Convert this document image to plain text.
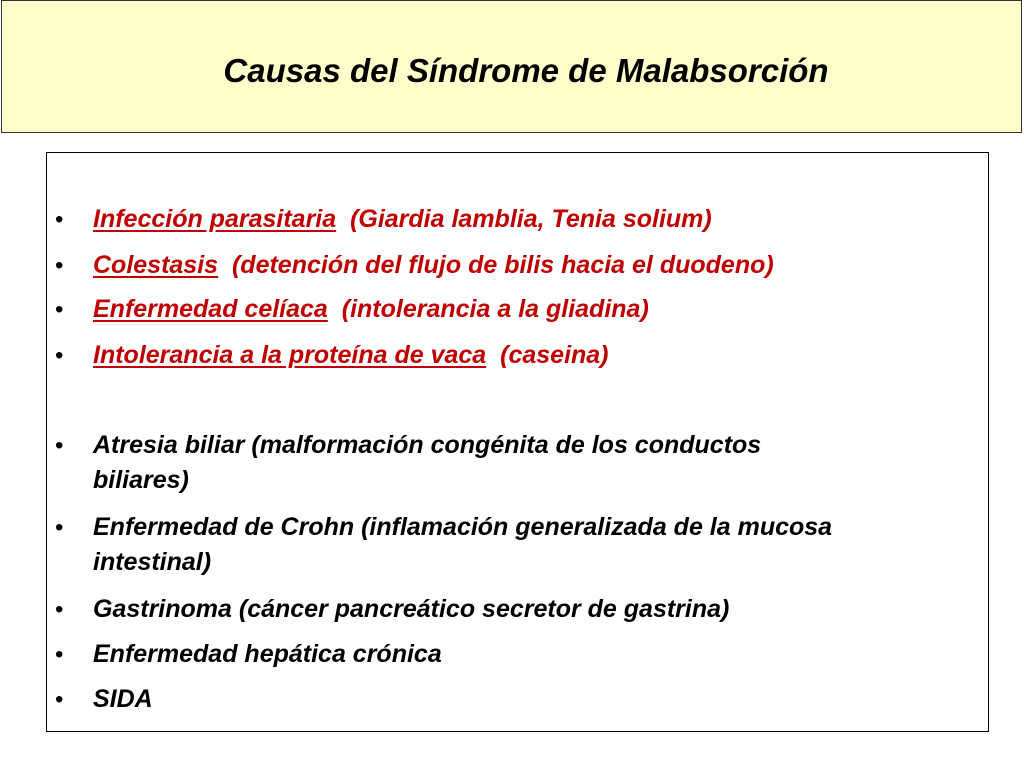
Causas del Síndrome de Malabsorción
• Infección parasitaria (Giardia lamblia, Tenia solium)
• Colestasis (detención del flujo de bilis hacia el duodeno)
• Enfermedad celíaca (intolerancia a la gliadina)
• Intolerancia a la proteína de vaca (caseina)
• Atresia biliar (malformación congénita de los conductos
biliares)
• Enfermedad de Crohn (inflamación generalizada de la mucosa
intestinal)
• Gastrinoma (cáncer pancreático secretor de gastrina)
• Enfermedad hepática crónica
• SIDA
